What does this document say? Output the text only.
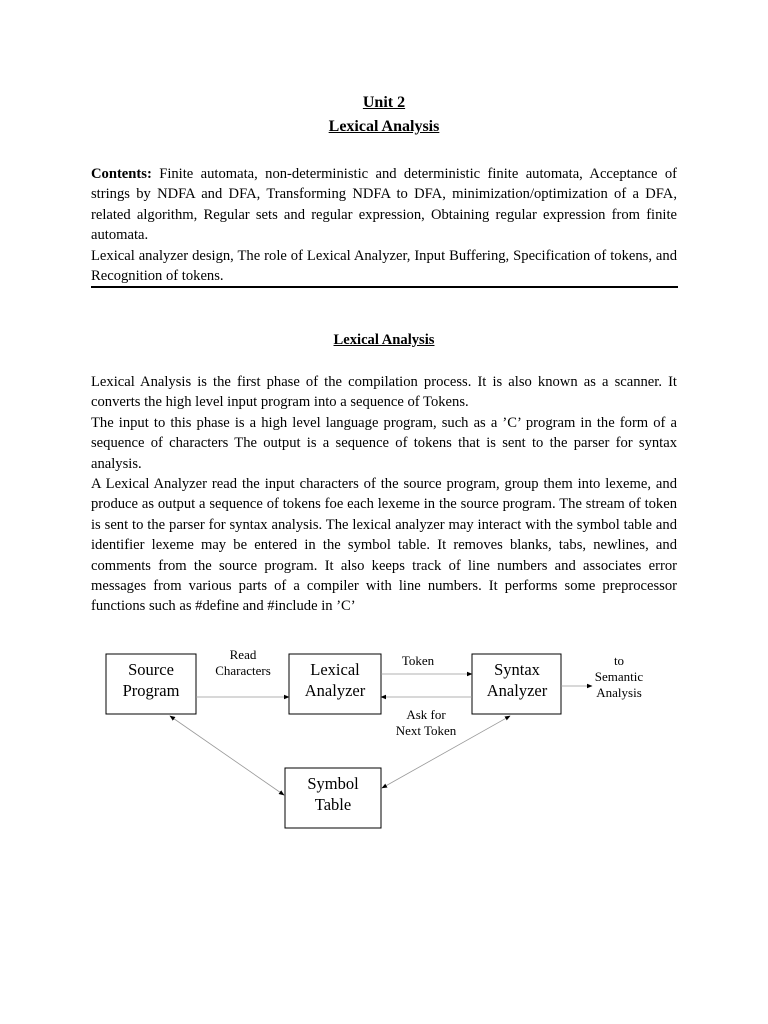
Unit 2
Lexical Analysis

Contents: Finite automata, non-deterministic and deterministic finite automata, Acceptance of strings by NDFA and DFA, Transforming NDFA to DFA, minimization/optimization of a DFA, related algorithm, Regular sets and regular expression, Obtaining regular expression from finite automata.

Lexical analyzer design, The role of Lexical Analyzer, Input Buffering, Specification of tokens, and Recognition of tokens.

Lexical Analysis

Lexical Analysis is the first phase of the compilation process. It is also known as a scanner. It converts the high level input program into a sequence of Tokens.

The input to this phase is a high level language program, such as a ’C’ program in the form of a sequence of characters The output is a sequence of tokens that is sent to the parser for syntax analysis.

A Lexical Analyzer read the input characters of the source program, group them into lexeme, and produce as output a sequence of tokens foe each lexeme in the source program. The stream of token is sent to the parser for syntax analysis. The lexical analyzer may interact with the symbol table and identifier lexeme may be entered in the symbol table. It removes blanks, tabs, newlines, and comments from the source program. It also keeps track of line numbers and associates error messages from various parts of a compiler with line numbers. It performs some preprocessor functions such as #define and #include in ’C’

Source
Program
Lexical
Analyzer
Syntax
Analyzer
Symbol
Table
Read
Characters
Token
Ask for
Next Token
to
Semantic
Analysis
